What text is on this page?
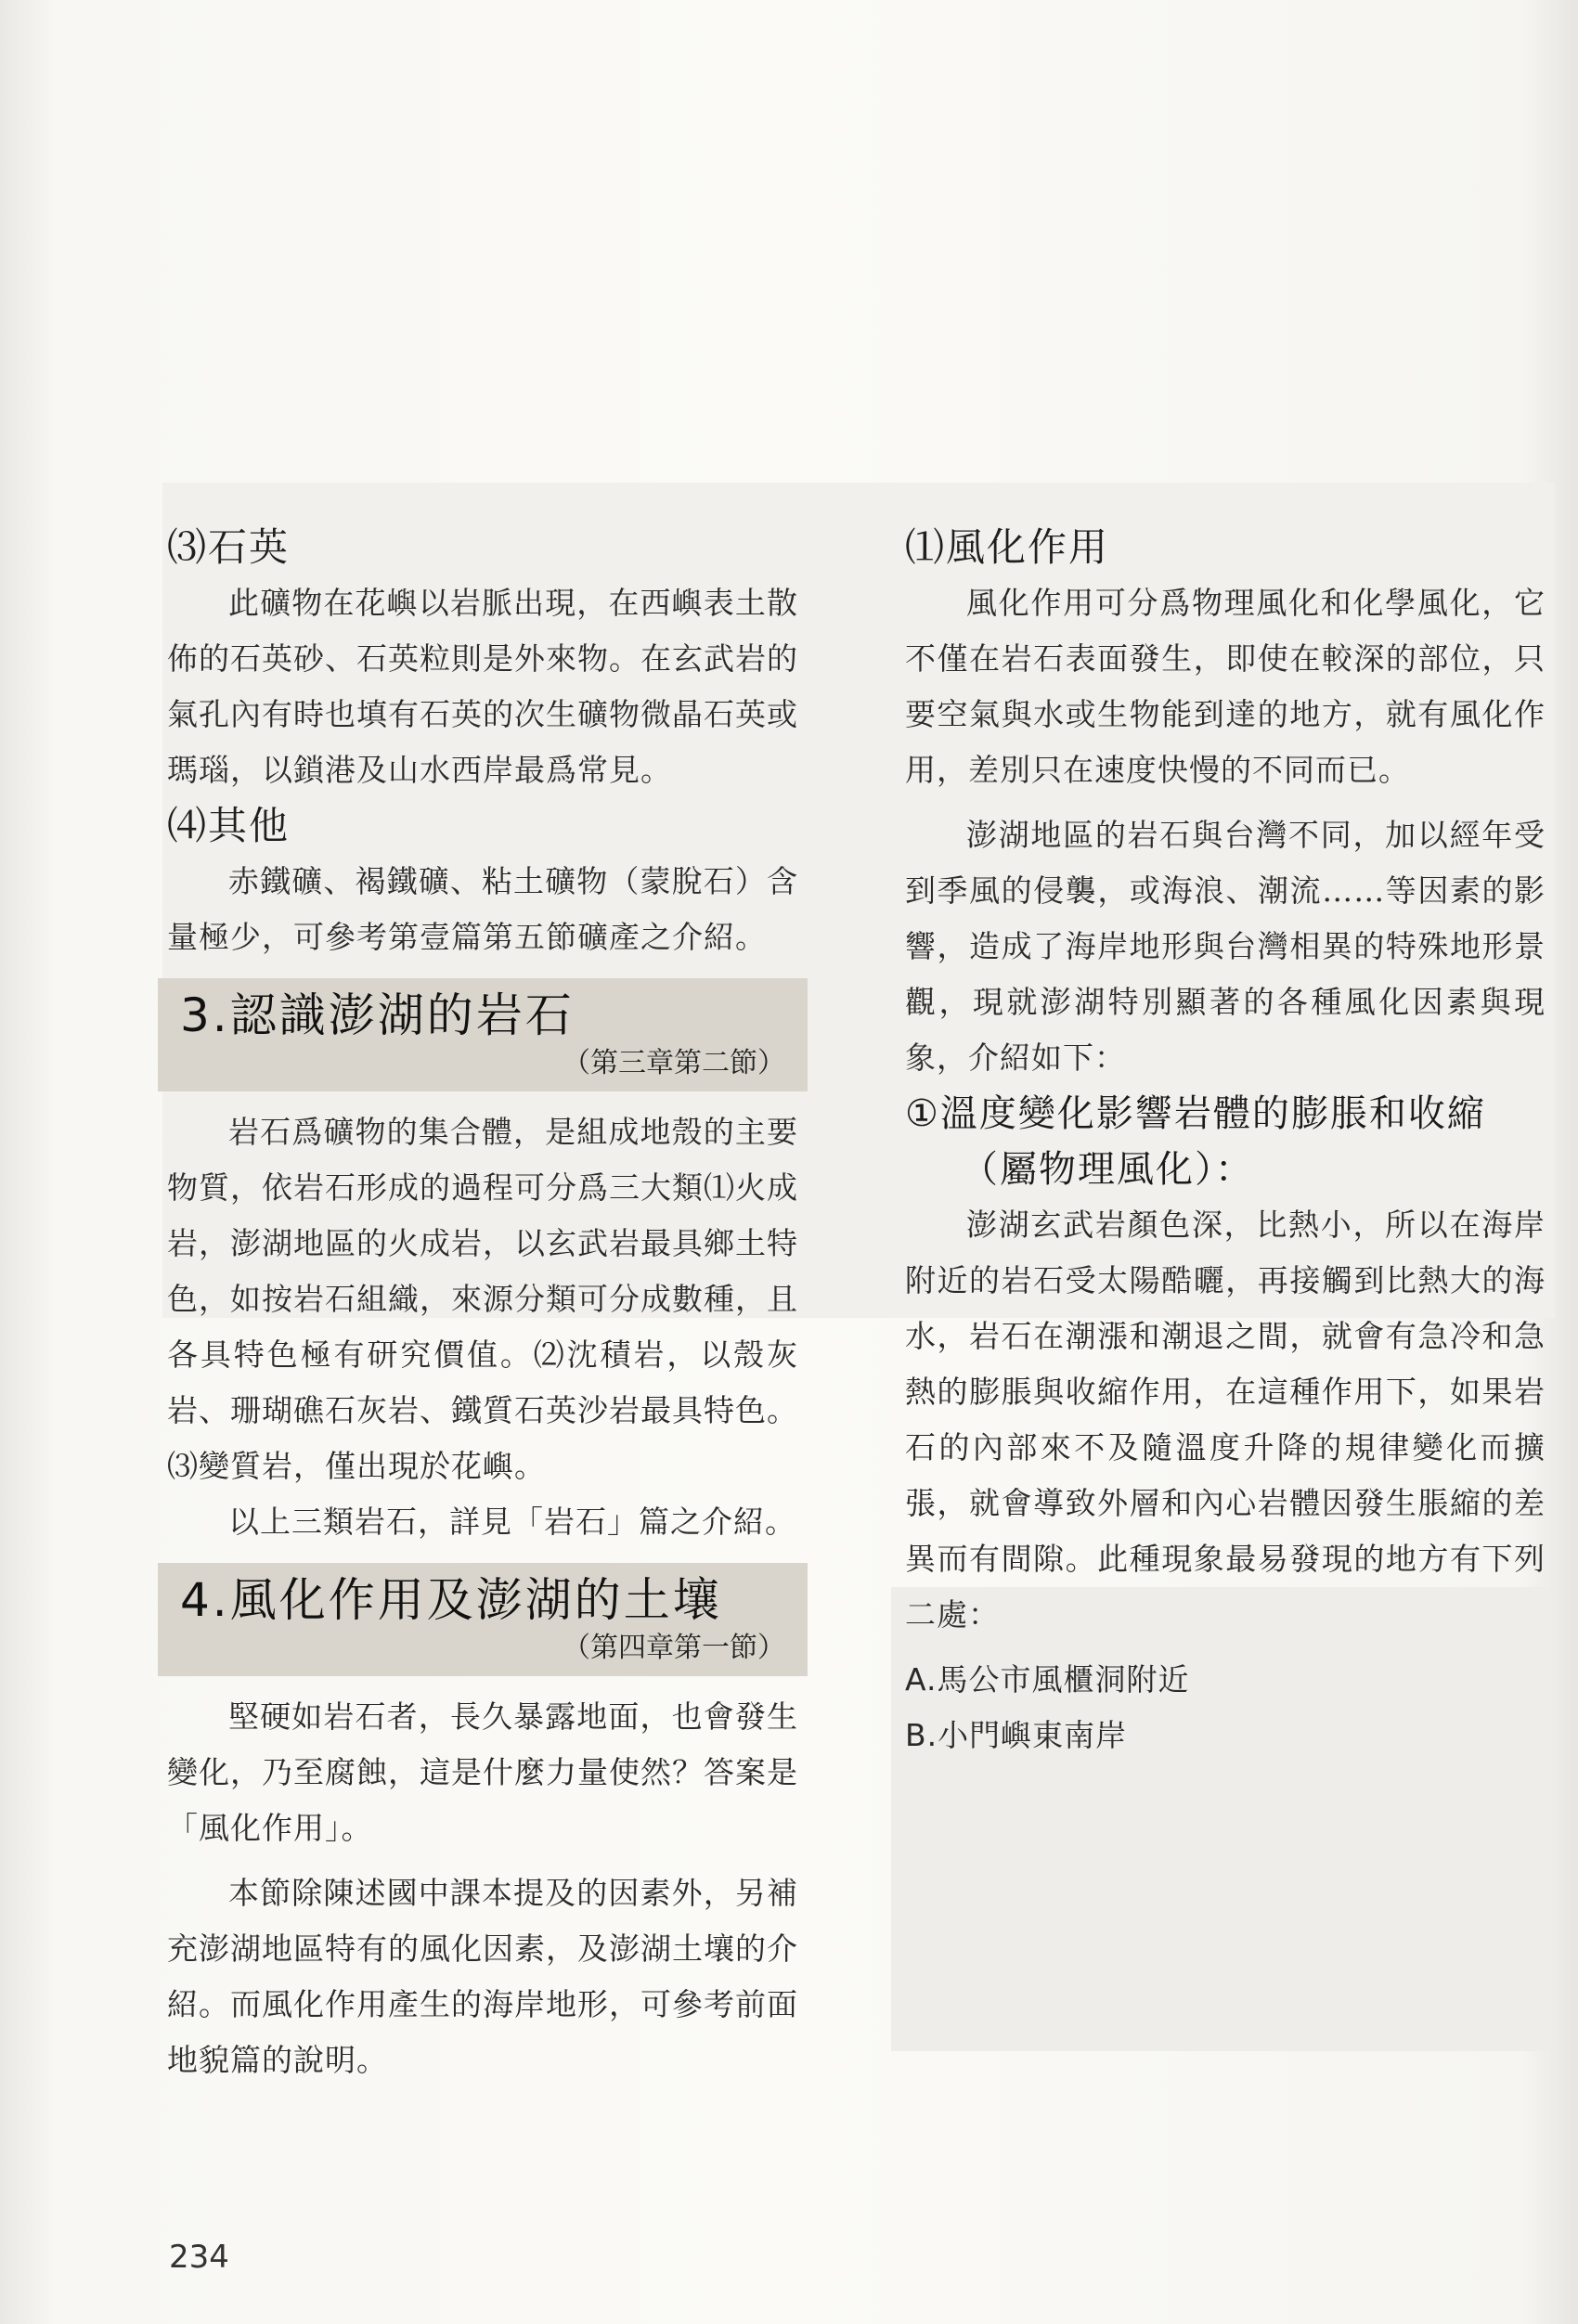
⑶石英

此礦物在花嶼以岩脈出現，在西嶼表土散佈的石英砂、石英粒則是外來物。在玄武岩的氣孔內有時也填有石英的次生礦物微晶石英或瑪瑙，以鎖港及山水西岸最爲常見。

⑷其他

赤鐵礦、褐鐵礦、粘土礦物（蒙脫石）含量極少，可參考第壹篇第五節礦產之介紹。

3.認識澎湖的岩石
（第三章第二節）

岩石爲礦物的集合體，是組成地殼的主要物質，依岩石形成的過程可分爲三大類⑴火成岩，澎湖地區的火成岩，以玄武岩最具鄉土特色，如按岩石組織，來源分類可分成數種，且各具特色極有研究價值。⑵沈積岩，以殼灰岩、珊瑚礁石灰岩、鐵質石英沙岩最具特色。⑶變質岩，僅出現於花嶼。

以上三類岩石，詳見「岩石」篇之介紹。

4.風化作用及澎湖的土壤
（第四章第一節）

堅硬如岩石者，長久暴露地面，也會發生變化，乃至腐蝕，這是什麼力量使然？答案是「風化作用」。

本節除陳述國中課本提及的因素外，另補充澎湖地區特有的風化因素，及澎湖土壤的介紹。而風化作用產生的海岸地形，可參考前面地貌篇的說明。

⑴風化作用

風化作用可分爲物理風化和化學風化，它不僅在岩石表面發生，即使在較深的部位，只要空氣與水或生物能到達的地方，就有風化作用，差別只在速度快慢的不同而已。

澎湖地區的岩石與台灣不同，加以經年受到季風的侵襲，或海浪、潮流……等因素的影響，造成了海岸地形與台灣相異的特殊地形景觀，現就澎湖特別顯著的各種風化因素與現象，介紹如下：

①溫度變化影響岩體的膨脹和收縮
（屬物理風化）：

澎湖玄武岩顏色深，比熱小，所以在海岸附近的岩石受太陽酷曬，再接觸到比熱大的海水，岩石在潮漲和潮退之間，就會有急冷和急熱的膨脹與收縮作用，在這種作用下，如果岩石的內部來不及隨溫度升降的規律變化而擴張，就會導致外層和內心岩體因發生脹縮的差異而有間隙。此種現象最易發現的地方有下列二處：

A.馬公市風櫃洞附近
B.小門嶼東南岸
234
